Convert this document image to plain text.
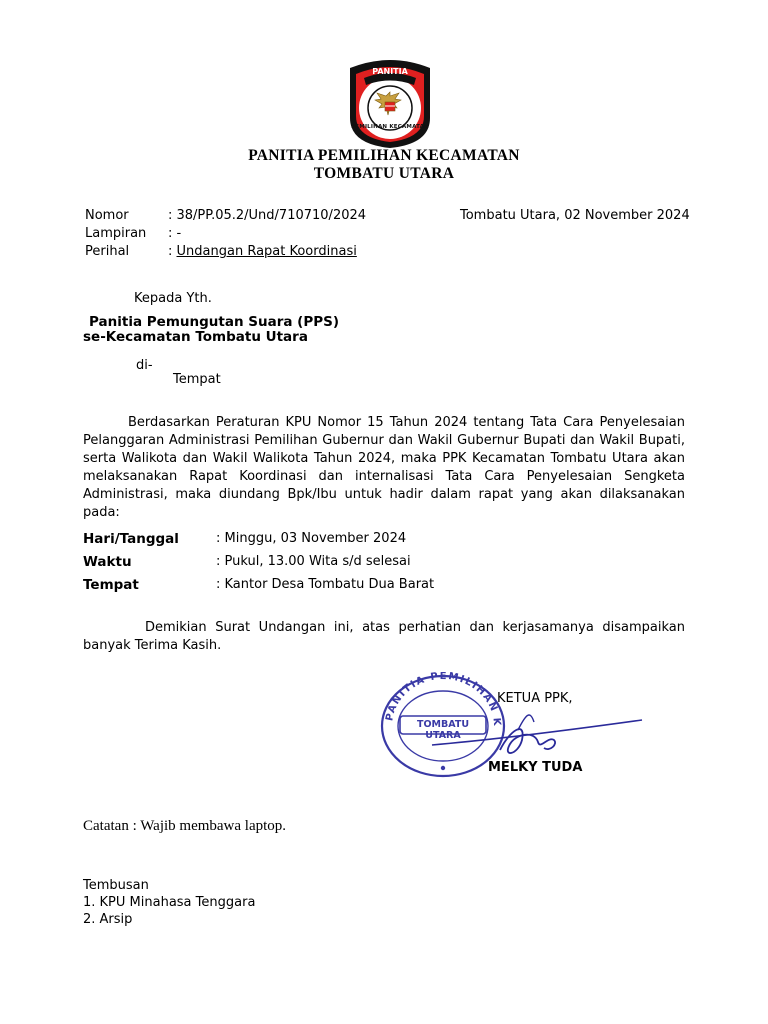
PANITIA
PEMILIHAN KECAMATAN
PANITIA PEMILIHAN KECAMATAN
TOMBATU UTARA
Nomor	: 38/PP.05.2/Und/710710/2024	Tombatu Utara, 02 November 2024
Lampiran : -
Perihal	: Undangan Rapat Koordinasi
Kepada Yth.
Panitia Pemungutan Suara (PPS)
se-Kecamatan Tombatu Utara
di-
Tempat
Berdasarkan Peraturan KPU Nomor 15 Tahun 2024 tentang Tata Cara Penyelesaian Pelanggaran Administrasi Pemilihan Gubernur dan Wakil Gubernur Bupati dan Wakil Bupati, serta Walikota dan Wakil Walikota Tahun 2024, maka PPK Kecamatan Tombatu Utara akan melaksanakan Rapat Koordinasi dan internalisasi Tata Cara Penyelesaian Sengketa Administrasi, maka diundang Bpk/Ibu untuk hadir dalam rapat yang akan dilaksanakan pada:
Hari/Tanggal	: Minggu, 03 November 2024
Waktu	: Pukul, 13.00 Wita s/d selesai
Tempat	: Kantor Desa Tombatu Dua Barat
Demikian Surat Undangan ini, atas perhatian dan kerjasamanya disampaikan banyak Terima Kasih.
PANITIA PEMILIHAN K
TOMBATU UTARA
KETUA PPK,
MELKY TUDA
Catatan : Wajib membawa laptop.
Tembusan
1. KPU Minahasa Tenggara
2. Arsip
